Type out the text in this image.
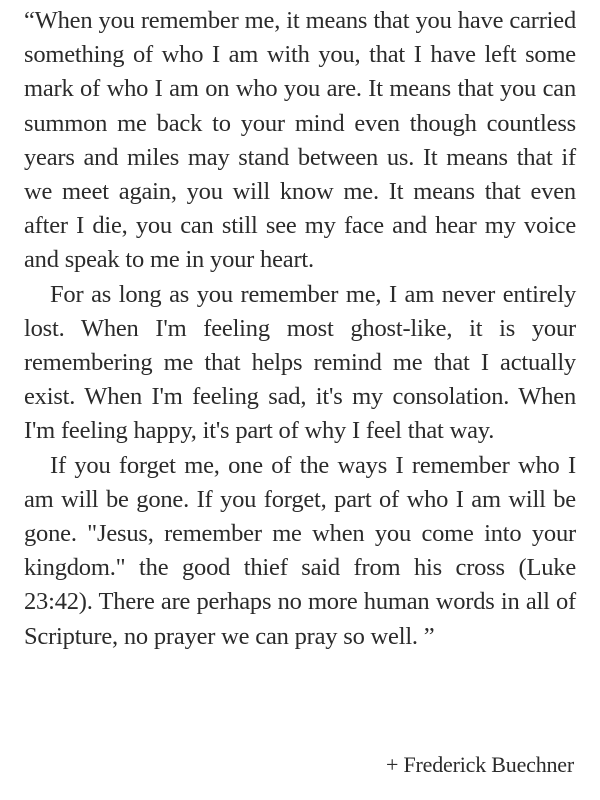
“When you remember me, it means that you have carried something of who I am with you, that I have left some mark of who I am on who you are. It means that you can summon me back to your mind even though countless years and miles may stand between us. It means that if we meet again, you will know me. It means that even after I die, you can still see my face and hear my voice and speak to me in your heart.

For as long as you remember me, I am never entirely lost. When I'm feeling most ghost-like, it is your remembering me that helps remind me that I actually exist. When I'm feeling sad, it's my consolation. When I'm feeling happy, it's part of why I feel that way.

If you forget me, one of the ways I remember who I am will be gone. If you forget, part of who I am will be gone. "Jesus, remember me when you come into your kingdom." the good thief said from his cross (Luke 23:42). There are perhaps no more human words in all of Scripture, no prayer we can pray so well. ”

+ Frederick Buechner
